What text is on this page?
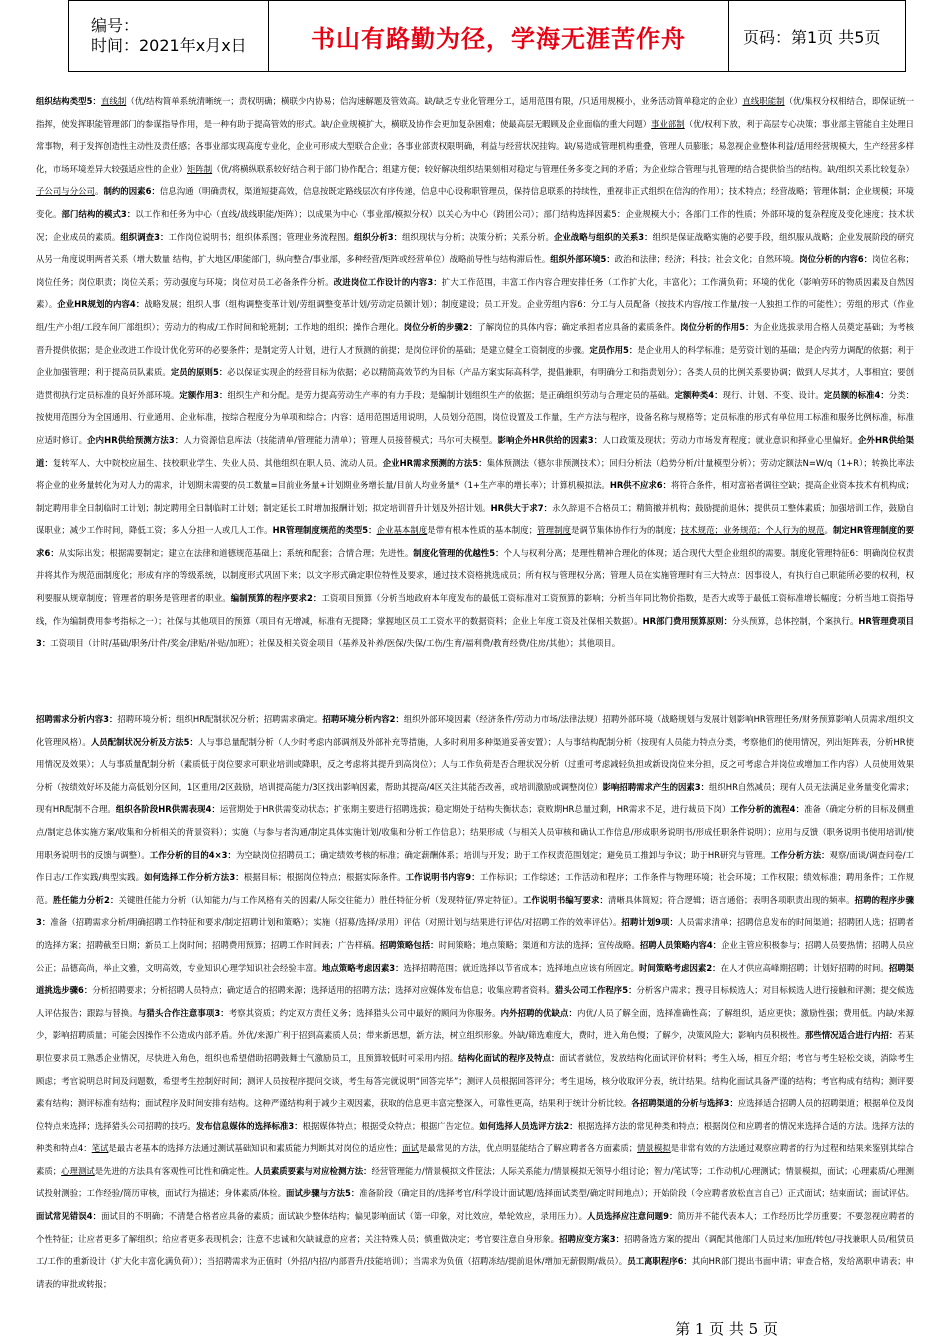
编号：
时间：2021年x月x日	书山有路勤为径，学海无涯苦作舟	页码：第1页 共5页
组织结构类型5：直线制（优/结构简单系统清晰统一；责权明确；横联少内协易；信沟速解题及管效高。缺/缺乏专业化管理分工，适用范围有限，/只适用规模小，业务活动简单稳定的企业）直线职能制（优/集权分权相结合，即保证统一指挥，使发挥职能管理部门的参谋指导作用，是一种有助于提高管效的形式。缺/企业规模扩大，横联及协作会更加复杂困难；使最高层无暇顾及企业面临的重大问题）事业部制（优/权利下放，利于高层专心决策；事业部主管能自主处理日常事物，利于发挥创造性主动性及责任感；各事业部实现高度专业化，企业可形成大型联合企业；各事业部责权限明确，利益与经营状况挂钩。缺/易造成管理机构重叠，管理人员膨胀；易忽视企业整体利益/适用经营规模大，生产经营多样化，市场环境差异大较强适应性的企业）矩阵制（优/将横纵联系较好结合利于部门协作配合；组建方便；较好解决组织结果刻相对稳定与管理任务多变之间的矛盾；为企业综合管理与扎管理的结合提供恰当的结构。缺/组织关系比较复杂）子公司与分公司。制约的因素6：信息沟通（明确责权，渠道短捷高效，信息按既定路线层次有序传递，信息中心设称职管理员，保持信息联系的持续性，重视非正式组织在信沟的作用）；技术特点；经营战略；管理体制；企业规模；环境变化。部门结构的模式3：以工作和任务为中心（直线/战线职能/矩阵）；以成果为中心（事业部/模拟分权）以关心为中心（跨团公司）；部门结构选择因素5：企业规模大小；各部门工作的性质；外部环境的复杂程度及变化速度；技术状况；企业成员的素质。组织调查3：工作岗位说明书；组织体系图；管理业务流程图。组织分析3：组织现状与分析；决策分析；关系分析。企业战略与组织的关系3：组织是保证战略实施的必要手段，组织服从战略；企业发展阶段的研究从另一角度说明两者关系（增大数量 结构，扩大地区/职能部门，纵向整合/事业部，多种经营/矩阵或经营单位）战略前导性与结构滞后性。组织外部环境5：政治和法律；经济；科技；社会文化；自然环境。岗位分析的内容6：岗位名称；岗位任务；岗位职责；岗位关系；劳动强度与环境；岗位对员工必备条件分析。改进岗位工作设计的内容3：扩大工作范围，丰富工作内容合理安排任务（工作扩大化，丰富化）；工作满负荷；环境的优化（影响劳环的物质因素及自然因素）。企业HR规划的内容4：战略发展；组织人事（组构调整变革计划/劳组调整变革计划/劳动定员额计划）；制度建设；员工开发。企业劳组内容6：分工与人员配备（按技术内容/按工作量/按一人独担工作的可能性）；劳组的形式（作业组/生产小组/工段车间厂部组织）；劳动力的构成/工作时间和轮班制；工作地的组织；操作合理化。岗位分析的步骤2：了解岗位的具体内容；确定承担者应具备的素质条件。岗位分析的作用5：为企业选拔录用合格人员奠定基础；为考核晋升提供依据；是企业改进工作设计优化劳环的必要条件；是制定劳人计划，进行人才预测的前提；是岗位评价的基础；是建立健全工资制度的步骤。定员作用5：是企业用人的科学标准；是劳资计划的基础；是企内劳力调配的依据；利于企业加强管理；利于提高员队素质。定员的原则5：必以保证实现企的经营目标为依据；必以精简高效节约为目标（产品方案实际高科学，提倡兼职，有明确分工和指责划分）；各类人员的比例关系要协调；做到人尽其才，人事相宜；要创造贯彻执行定员标准的良好外部环境。定额作用3：组织生产和分配。是劳力提高劳动生产率的有力手段；是编制计划组织生产的依据；是正确组织劳动与合理定员的基础。定额种类4：现行、计划、不变、设计。定员额的标准4：分类：按使用范围分为全国通用、行业通用、企业标准，按综合程度分为单项和综合；内容：适用范围适用说明，人员划分范围，岗位设置及工作量，生产方法与程序，设备名称与规格等；定员标准的形式有单位用工标准和服务比例标准，标准应适时修订。企内HR供给预测方法3：人力资源信息库法（技能清单/管理能力清单）；管理人员接替模式；马尔可夫模型。影响企外HR供给的因素3：人口政策及现状；劳动力市场发育程度；就业意识和择业心里偏好。企外HR供给渠道：复转军人、大中院校应届生、技校职业学生、失业人员、其他组织在职人员、流动人员。企业HR需求预测的方法5：集体预测法（德尔非预测技术）；回归分析法（趋势分析/计量模型分析）；劳动定额法N=W/q（1+R）；转换比率法将企业的业务量转化为对人力的需求，计划期末需要的员工数量=目前业务量+计划期业务增长量/目前人均业务量*（1+生产率的增长率）；计算机模拟法。HR供不应求6：将符合条件，相对富裕者调往空缺；提高企业资本技术有机构成；制定聘用非全日制临时工计划；制定聘用全日制临时工计划；制定延长工时增加报酬计划；拟定培训晋升计划及外招计划。HR供大于求7：永久辞退不合格员工；精简撤并机构；鼓励提前退休；提供员工整体素质；加强培训工作，鼓励自谋职业；减少工作时间，降低工资；多人分担一人或几人工作。HR管理制度规范的类型5：企业基本制度是带有根本性质的基本制度；管理制度是调节集体协作行为的制度；技术规范；业务规范；个人行为的规范。制定HR管理制度的要求6：从实际出发；根据需要制定；建立在法律和道德规范基础上；系统和配套；合情合理；先进性。制度化管理的优越性5：个人与权利分离；是理性精神合理化的体现；适合现代大型企业组织的需要。制度化管理特征6：明确岗位权责并将其作为规范面制度化；形成有序的等级系统，以制度形式巩固下来；以文字形式确定职位特性及要求，通过技术资格挑选成员；所有权与管理权分离；管理人员在实施管理时有三大特点：因事设人，有执行自己职能所必要的权利，权利要服从规章制度；管理者的职务是管理者的职业。编制预算的程序要求2：工资项目预算（分析当地政府本年度发布的最低工资标准对工资预算的影响；分析当年同比物价指数，是否大或等于最低工资标准增长幅度；分析当地工资指导线，作为编制费用参考指标之一）；社保与其他项目的预算（项目有无增减，标准有无提降；掌握地区员工工资水平的数据资料；企业上年度工资及社保相关数据）。HR部门费用预算原则：分头预算，总体控制，个案执行。HR管理费项目3：工资项目（计时/基础/职务/计件/奖金/津贴/补贴/加班）；社保及相关资金项目（基养及补养/医保/失保/工伤/生育/福利费/教育经费/住房/其他）；其他项目。
招聘需求分析内容3：招聘环境分析；组织HR配制状况分析；招聘需求确定。招聘环境分析内容2：组织外部环境因素（经济条件/劳动力市场/法律法规）招聘外部环境（战略规划与发展计划影响HR管理任务/财务预算影响人员需求/组织文化管理风格）。人员配制状况分析及方法5：人与事总量配制分析（人少时考虑内部调剂及外部补充等措施，人多时利用多种渠道妥善安置）；人与事结构配制分析（按现有人员能力特点分类，考察他们的使用情况，列出矩阵表，分析HR使用情况及效果）；人与事质量配制分析（素质低于岗位要求可职业培训或降职，反之考虑将其提升到高岗位）；人与工作负荷是否合理状况分析（过重可考虑减轻负担或新设岗位来分担，反之可考虑合并岗位或增加工作内容）人员使用效果分析（按绩效好坏及能力高低划分区间，1区重用/2区鼓励，培训提高能力/3区找出影响因素，帮助其提高/4区关注其能否改善，或培训激励或调整岗位）影响招聘需求产生的因素3：组织HR自然减员；现有人员无法满足业务量变化需求；现有HR配制不合理。组织各阶段HR供需表现4：运营期处于HR供需变动状态；扩张期主要进行招聘选拔；稳定期处于结构失衡状态；衰败期HR总量过剩，HR需求不足，进行裁员下岗）工作分析的流程4：准备（确定分析的目标及侧重点/制定总体实施方案/收集和分析相关的背景资料）；实施（与参与者沟通/制定具体实施计划/收集和分析工作信息）；结果形成（与相关人员审核和确认工作信息/形成职务说明书/形成任职条件说明）；应用与反馈（职务说明书使用培训/使用职务说明书的反馈与调整）。工作分析的目的4×3：为空缺岗位招聘员工；确定绩效考核的标准；确定薪酬体系；培训与开发；助于工作权责范围划定；避免员工推卸与争议；助于HR研究与管理。工作分析方法：观察/面谈/调查问卷/工作日志/工作实践/典型实践。如何选择工作分析方法3：根据目标；根据岗位特点；根据实际条件。工作说明书内容9：工作标识；工作综述；工作活动和程序；工作条件与物理环境；社会环境；工作权限；绩效标准；聘用条件；工作规范。胜任能力分析2：关键胜任能力分析（认知能力/与工作风格有关的因素/人际交往能力）胜任特征分析（发现特征/界定特征）。工作说明书编写要求：清晰具体简短；符合逻辑；语言通俗；表明各项职责出现的频率。招聘的程序步骤3：准备（招聘需求分析/明确招聘工作特征和要求/制定招聘计划和策略）；实施（招募/选择/录用）评估（对照计划与结果进行评估/对招聘工作的效率评估）。招聘计划9项：人员需求清单；招聘信息发布的时间渠道；招聘团人选；招聘者的选择方案；招聘截至日期；新员工上岗时间；招聘费用预算；招聘工作时间表；广告样稿。招聘策略包括：时间策略；地点策略；渠道和方法的选择；宣传战略。招聘人员策略内容4：企业主管应积极参与；招聘人员要热情；招聘人员应公正；品德高尚，举止文雅，文明高效，专业知识心理学知识社会经验丰富。地点策略考虑因素3：选择招聘范围；就近选择以节省成本；选择地点应该有所固定。时间策略考虑因素2：在人才供应高峰期招聘；计划好招聘的时间。招聘渠道挑选步骤6：分析招聘要求；分析招聘人员特点；确定适合的招聘来源；选择适用的招聘方法；选择对应媒体发布信息；收集应聘者资料。猎头公司工作程序5：分析客户需求；搜寻目标候选人；对目标候选人进行接触和评测；提交候选人评估报告；跟踪与替换。与猎头合作注意事项3：考察其资质；约定双方责任义务；选择猎头公司中最好的顾问为你服务。内外招聘的优缺点：内优/人员了解全面，选择准确性高；了解组织，适应更快；激励性强；费用低。内缺/来源少，影响招聘质量；可能会因操作不公造成内部矛盾。外优/来源广利于招到高素质人员；带来新思想，新方法，树立组织形象。外缺/筛选难度大，费时，进入角色慢；了解少，决策风险大；影响内员积极性。那些情况适合进行内招：若某职位要求员工熟悉企业情况，尽快进入角色，组织也希望借助招聘鼓舞士气激励员工，且预算较低时可采用内招。结构化面试的程序及特点：面试者就位，发放结构化面试评价材料；考生入场，相互介绍；考官与考生轻松交谈，消除考生顾虑；考官说明总时间及问题数，希望考生控制好时间；测评人员按程序提问交谈，考生每答完就说明“回答完毕”；测评人员根据回答评分；考生退场，核分收取评分表，统计结果。结构化面试具备严谨的结构；考官构成有结构；测评要素有结构；测评标准有结构；面试程序及时间安排有结构。这种严谨结构利于减少主观因素，获取的信息更丰富完整深入，可靠性更高，结果利于统计分析比较。各招聘渠道的分析与选择3：应选择适合招聘人员的招聘渠道；根据单位及岗位特点来选择；选择猎头公司招聘的技巧。发布信息媒体的选择标准3：根据媒体特点；根据受众特点；根据广告定位。如何选择人员选评方法2：根据选择方法的常见种类和特点；根据岗位和应聘者的情况来选择合适的方法。选择方法的种类和特点4：笔试是最古老基本的选择方法通过测试基础知识和素质能力判断其对岗位的适应性；面试是最常见的方法，优点明显能结合了解应聘者各方面素质；情景模拟是非常有效的方法通过观察应聘者的行为过程和结果来鉴别其综合素质；心理测试是先进的方法具有客观性可比性和确定性。人员素质要素与对应检测方法：经营管理能力/情景模拟文件筐法；人际关系能力/情景模拟无领导小组讨论；智力/笔试等；工作动机/心理测试；情景模拟，面试；心理素质/心理测试投射测验；工作经验/简历审核，面试行为描述；身体素质/体检。面试步骤与方法5：准备阶段（确定目的/选择考官/科学设计面试题/选择面试类型/确定时间地点）；开始阶段（令应聘者放松直言自己）正式面试；结束面试；面试评估。面试常见错误4：面试目的不明确；不清楚合格者应具备的素质；面试缺少整体结构；偏见影响面试（第一印象，对比效应，晕轮效应，录用压力）。人员选择应注意问题9：简历并不能代表本人；工作经历比学历重要；不要忽视应聘者的个性特征；让应者更多了解组织；给应者更多表现机会；注意不忠诚和欠缺诚意的应者；关注特殊人员；慎重做决定；考官要注意自身形象。招聘应变方案3：招聘备选方案的提出（调配其他部门人员过来/加班/转包/寻找兼职人员/租赁员工/工作的重新设计（扩大化丰富化满负荷））；当招聘需求为正值时（外招/内招/内部晋升/技能培训）；当需求为负值（招聘冻结/提前退休/增加无薪假期/裁员）。员工离职程序6：其向HR部门提出书面申请；审查合格，发给离职申请表；申请表的审批或转报；
第 1 页 共 5 页
